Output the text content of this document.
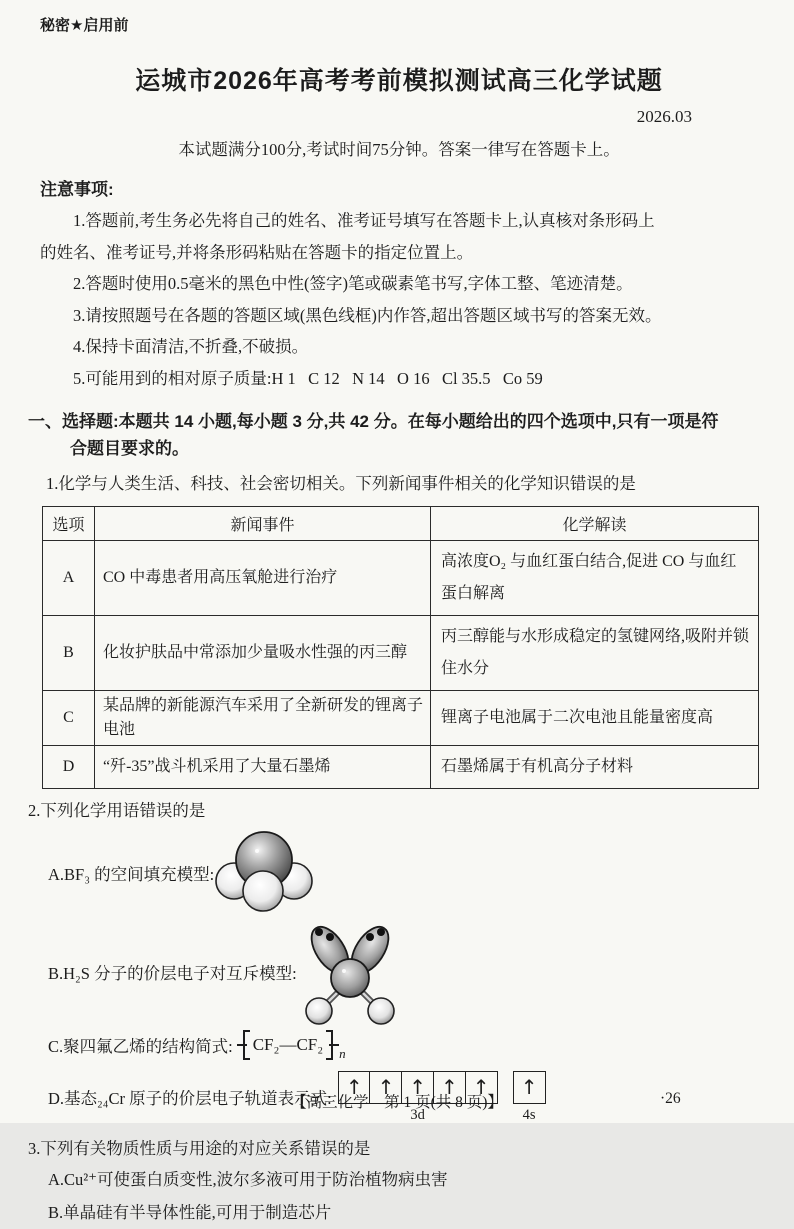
秘密★启用前
运城市2026年高考考前模拟测试高三化学试题
2026.03
本试题满分100分,考试时间75分钟。答案一律写在答题卡上。
注意事项:
1.答题前,考生务必先将自己的姓名、准考证号填写在答题卡上,认真核对条形码上
的姓名、准考证号,并将条形码粘贴在答题卡的指定位置上。
2.答题时使用0.5毫米的黑色中性(签字)笔或碳素笔书写,字体工整、笔迹清楚。
3.请按照题号在各题的答题区域(黑色线框)内作答,超出答题区域书写的答案无效。
4.保持卡面清洁,不折叠,不破损。
5.可能用到的相对原子质量:H 1   C 12   N 14   O 16   Cl 35.5   Co 59
一、选择题:本题共 14 小题,每小题 3 分,共 42 分。在每小题给出的四个选项中,只有一项是符
合题目要求的。
1.化学与人类生活、科技、社会密切相关。下列新闻事件相关的化学知识错误的是
选项	新闻事件	化学解读
A	CO 中毒患者用高压氧舱进行治疗	高浓度O₂ 与血红蛋白结合,促进 CO 与血红蛋白解离
B	化妆护肤品中常添加少量吸水性强的丙三醇	丙三醇能与水形成稳定的氢键网络,吸附并锁住水分
C	某品牌的新能源汽车采用了全新研发的锂离子电池	锂离子电池属于二次电池且能量密度高
D	“歼-35”战斗机采用了大量石墨烯	石墨烯属于有机高分子材料
2.下列化学用语错误的是
A.BF₃ 的空间填充模型:
B.H₂S 分子的价层电子对互斥模型:
C.聚四氟乙烯的结构简式: CF₂—CF₂ n
D.基态₂₄Cr 原子的价层电子轨道表示式: ↑ ↑ ↑ ↑ ↑
3d
↑
4s
3.下列有关物质性质与用途的对应关系错误的是
A.Cu²⁺可使蛋白质变性,波尔多液可用于防治植物病虫害
B.单晶硅有半导体性能,可用于制造芯片
【高三化学　第 1 页(共 8 页)】	·26
